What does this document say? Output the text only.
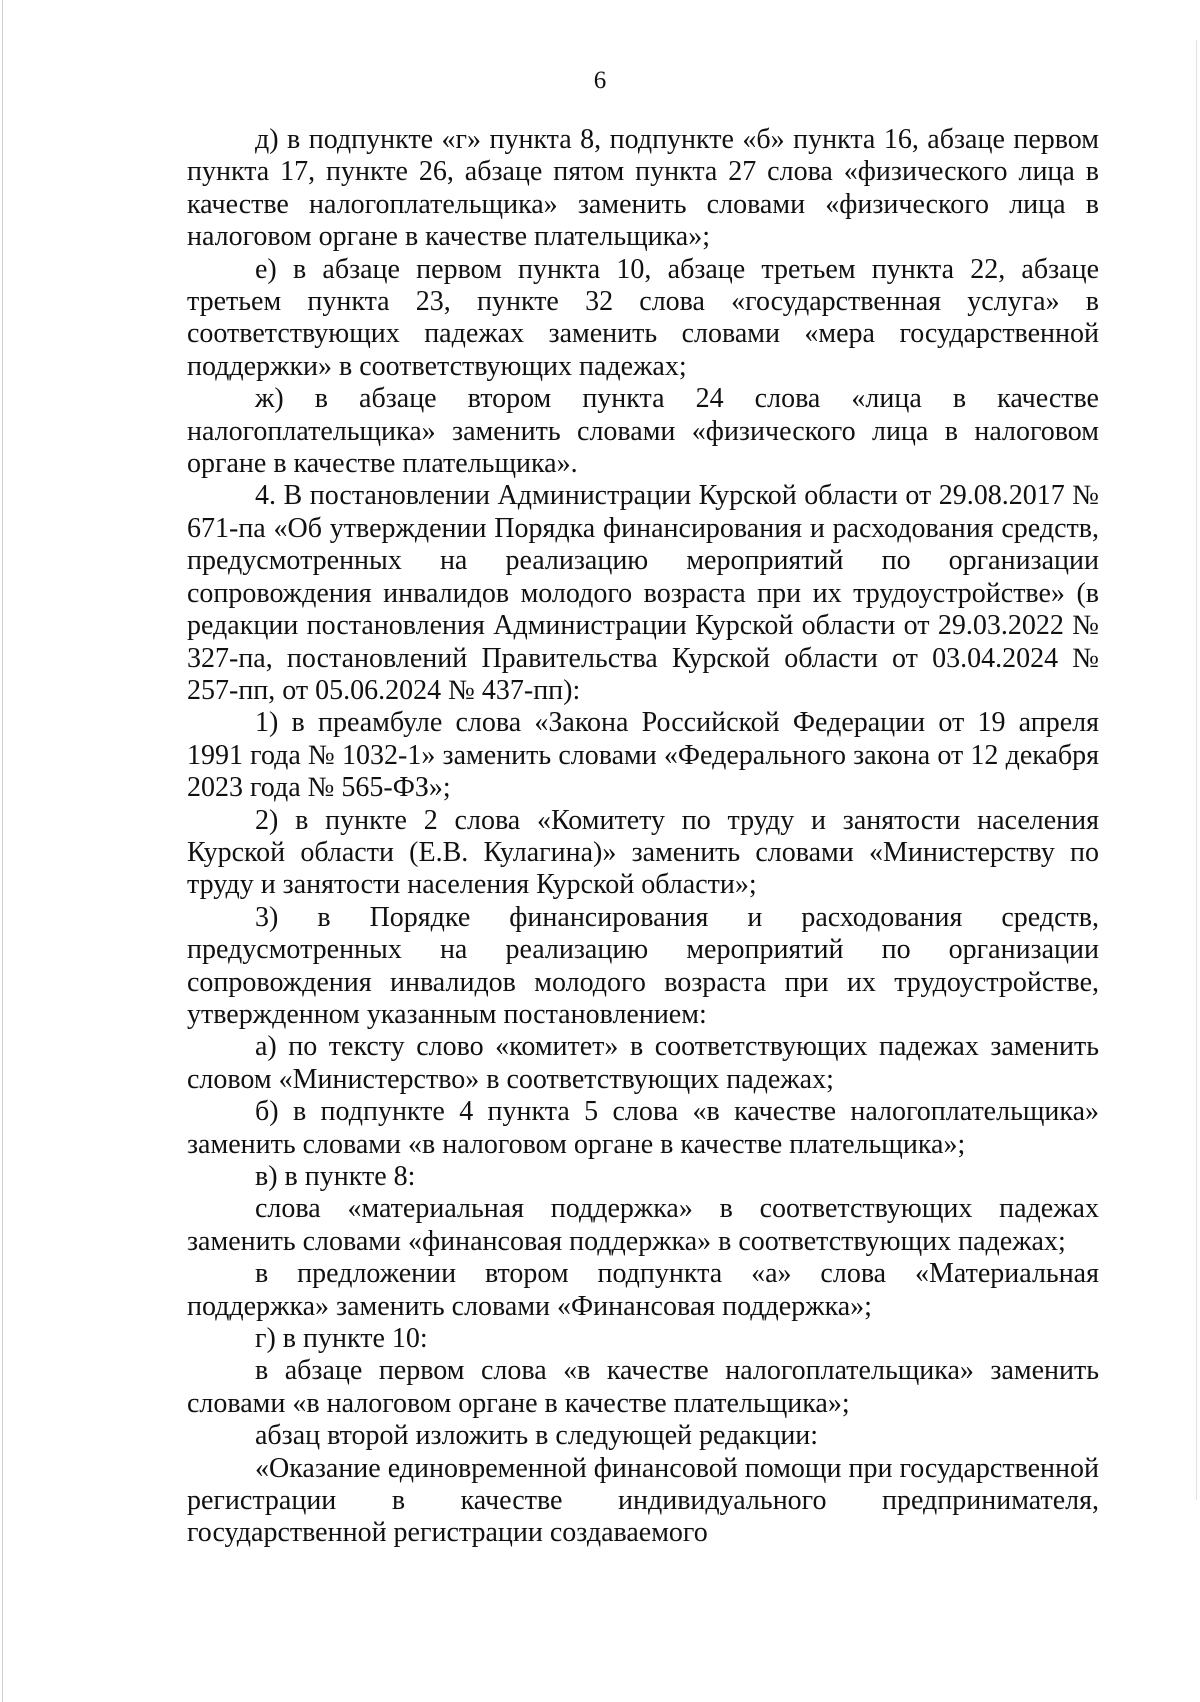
6

д) в подпункте «г» пункта 8, подпункте «б» пункта 16, абзаце первом пункта 17, пункте 26, абзаце пятом пункта 27 слова «физического лица в качестве налогоплательщика» заменить словами «физического лица в налоговом органе в качестве плательщика»;

е) в абзаце первом пункта 10, абзаце третьем пункта 22, абзаце третьем пункта 23, пункте 32 слова «государственная услуга» в соответствующих падежах заменить словами «мера государственной поддержки» в соответствующих падежах;

ж) в абзаце втором пункта 24 слова «лица в качестве налогоплательщика» заменить словами «физического лица в налоговом органе в качестве плательщика».

4. В постановлении Администрации Курской области от 29.08.2017 № 671-па «Об утверждении Порядка финансирования и расходования средств, предусмотренных на реализацию мероприятий по организации сопровождения инвалидов молодого возраста при их трудоустройстве» (в редакции постановления Администрации Курской области от 29.03.2022 № 327-па, постановлений Правительства Курской области от 03.04.2024 № 257-пп, от 05.06.2024 № 437-пп):

1) в преамбуле слова «Закона Российской Федерации от 19 апреля 1991 года № 1032-1» заменить словами «Федерального закона от 12 декабря 2023 года № 565-ФЗ»;

2) в пункте 2 слова «Комитету по труду и занятости населения Курской области (Е.В. Кулагина)» заменить словами «Министерству по труду и занятости населения Курской области»;

3) в Порядке финансирования и расходования средств, предусмотренных на реализацию мероприятий по организации сопровождения инвалидов молодого возраста при их трудоустройстве, утвержденном указанным постановлением:

а) по тексту слово «комитет» в соответствующих падежах заменить словом «Министерство» в соответствующих падежах;

б) в подпункте 4 пункта 5 слова «в качестве налогоплательщика» заменить словами «в налоговом органе в качестве плательщика»;

в) в пункте 8:

слова «материальная поддержка» в соответствующих падежах заменить словами «финансовая поддержка» в соответствующих падежах;

в предложении втором подпункта «а» слова «Материальная поддержка» заменить словами «Финансовая поддержка»;

г) в пункте 10:

в абзаце первом слова «в качестве налогоплательщика» заменить словами «в налоговом органе в качестве плательщика»;

абзац второй изложить в следующей редакции:

«Оказание единовременной финансовой помощи при государственной регистрации в качестве индивидуального предпринимателя, государственной регистрации создаваемого
